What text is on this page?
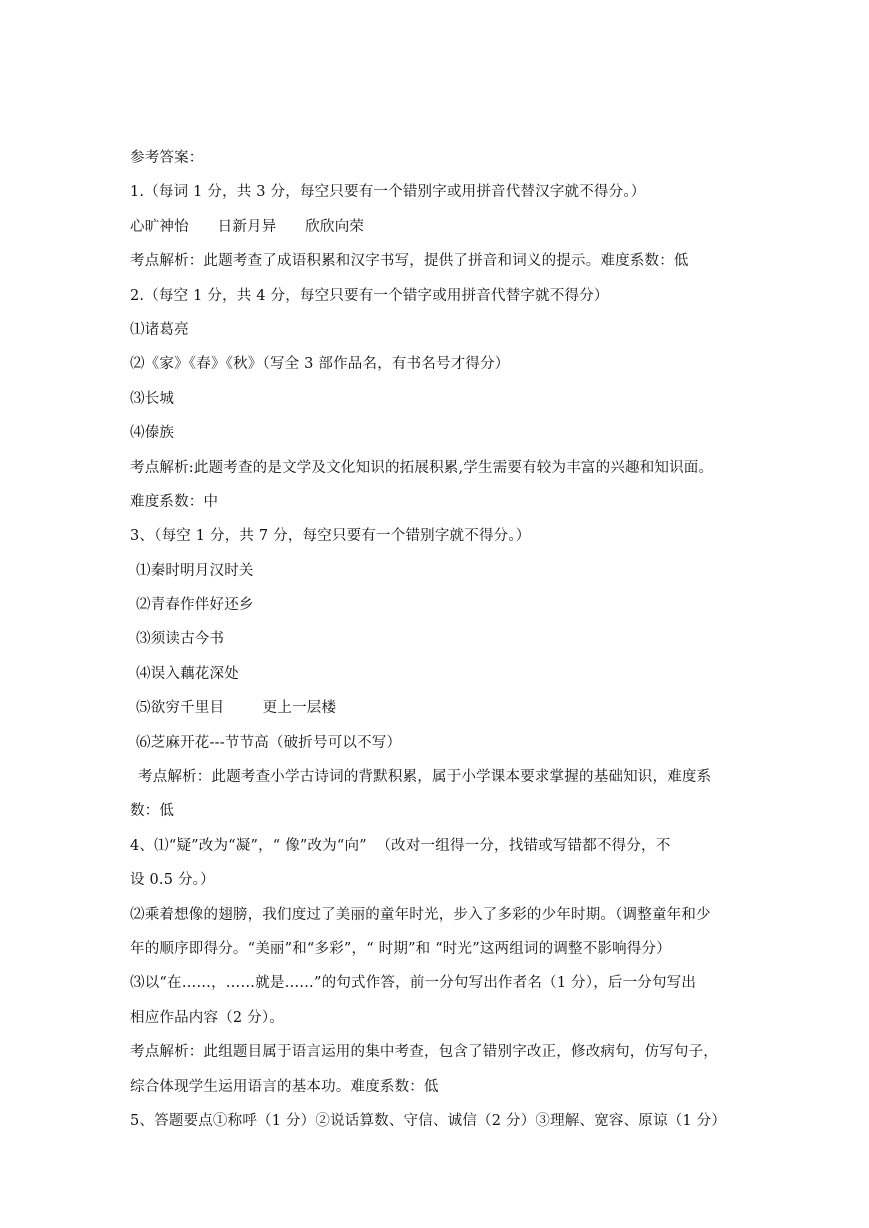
参考答案：
1.（每词 1 分，共 3 分，每空只要有一个错别字或用拼音代替汉字就不得分。）
心旷神怡      日新月异      欣欣向荣
考点解析：此题考查了成语积累和汉字书写，提供了拼音和词义的提示。难度系数：低
2.（每空 1 分，共 4 分，每空只要有一个错字或用拼音代替字就不得分）
⑴诸葛亮
⑵《家》《春》《秋》（写全 3 部作品名，有书名号才得分）
⑶长城
⑷傣族
考点解析:此题考查的是文学及文化知识的拓展积累,学生需要有较为丰富的兴趣和知识面。
难度系数：中
3、（每空 1 分，共 7 分，每空只要有一个错别字就不得分。）
⑴秦时明月汉时关
⑵青春作伴好还乡
⑶须读古今书
⑷误入藕花深处
⑸欲穷千里目        更上一层楼
⑹芝麻开花---节节高（破折号可以不写）
考点解析：此题考查小学古诗词的背默积累，属于小学课本要求掌握的基础知识，难度系
数：低
4、⑴“疑”改为“凝”，“ 像”改为“向”  （改对一组得一分，找错或写错都不得分，不
设 0.5 分。）
⑵乘着想像的翅膀，我们度过了美丽的童年时光，步入了多彩的少年时期。（调整童年和少
年的顺序即得分。“美丽”和“多彩”，“ 时期”和 “时光”这两组词的调整不影响得分）
⑶以“在……，……就是……”的句式作答，前一分句写出作者名（1 分），后一分句写出
相应作品内容（2 分）。
考点解析：此组题目属于语言运用的集中考查，包含了错别字改正，修改病句，仿写句子，
综合体现学生运用语言的基本功。难度系数：低
5、答题要点①称呼（1 分）②说话算数、守信、诚信（2 分）③理解、宽容、原谅（1 分）
